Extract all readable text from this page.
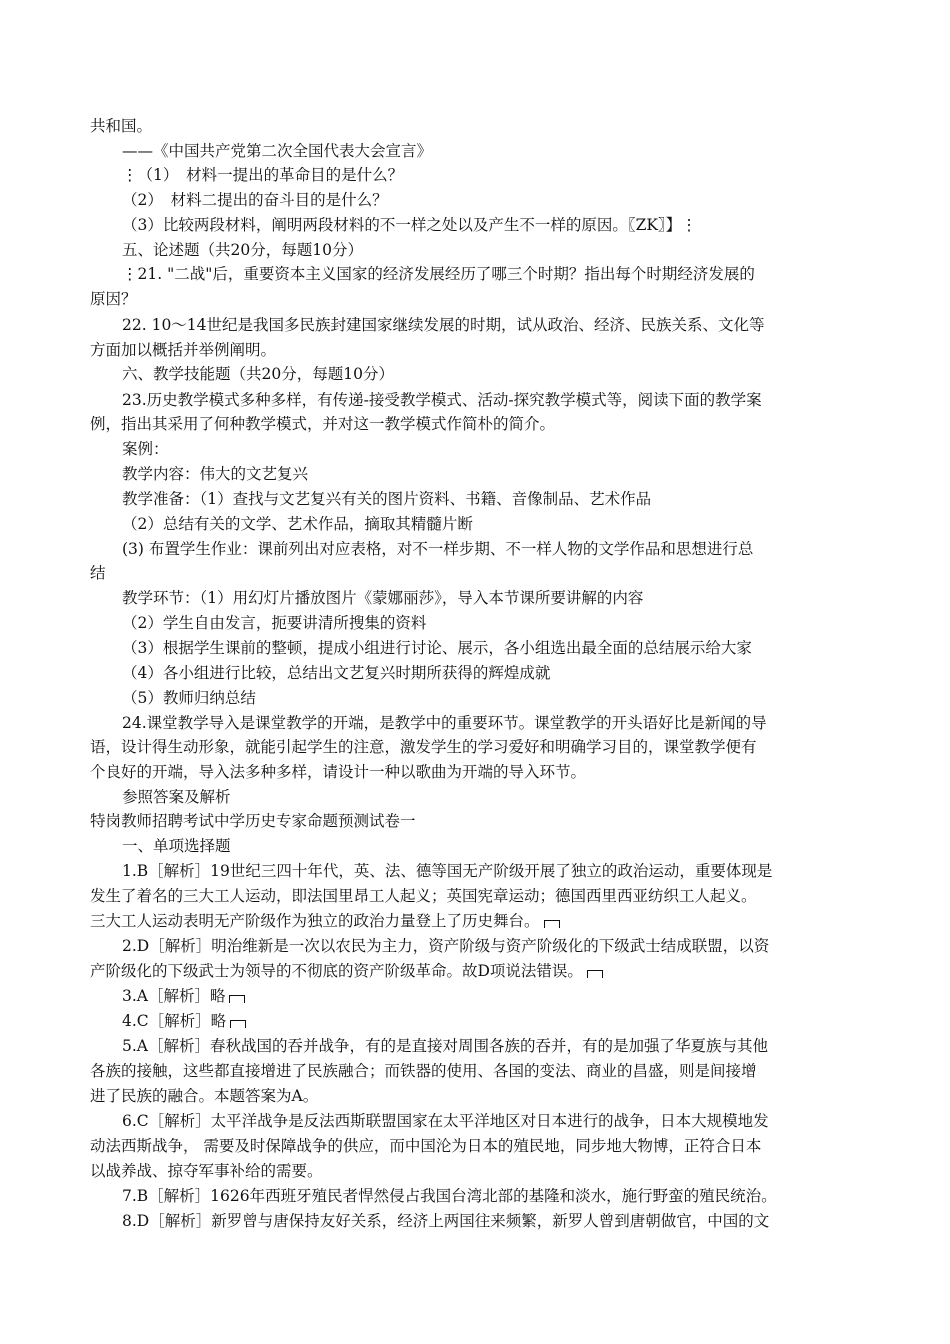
共和国。
——《中国共产党第二次全国代表大会宣言》
⋮（1）　材料一提出的革命目的是什么？
（2）　材料二提出的奋斗目的是什么？
（3）比较两段材料，阐明两段材料的不一样之处以及产生不一样的原因。〖ZK〗】⋮
五、论述题（共20分，每题10分）
⋮21. "二战"后，重要资本主义国家的经济发展经历了哪三个时期？指出每个时期经济发展的
原因？
22. 10～14世纪是我国多民族封建国家继续发展的时期，试从政治、经济、民族关系、文化等
方面加以概括并举例阐明。
六、教学技能题（共20分，每题10分）
23.历史教学模式多种多样，有传递-接受教学模式、活动-探究教学模式等，阅读下面的教学案
例，指出其采用了何种教学模式，并对这一教学模式作简朴的简介。
案例：
教学内容：伟大的文艺复兴
教学准备：（1）查找与文艺复兴有关的图片资料、书籍、音像制品、艺术作品
（2）总结有关的文学、艺术作品，摘取其精髓片断
(3) 布置学生作业：课前列出对应表格，对不一样步期、不一样人物的文学作品和思想进行总
结
教学环节：（1）用幻灯片播放图片《蒙娜丽莎》，导入本节课所要讲解的内容
（2）学生自由发言，扼要讲清所搜集的资料
（3）根据学生课前的整顿，提成小组进行讨论、展示，各小组选出最全面的总结展示给大家
（4）各小组进行比较，总结出文艺复兴时期所获得的辉煌成就
（5）教师归纳总结
24.课堂教学导入是课堂教学的开端，是教学中的重要环节。课堂教学的开头语好比是新闻的导
语，设计得生动形象，就能引起学生的注意，激发学生的学习爱好和明确学习目的，课堂教学便有
个良好的开端，导入法多种多样，请设计一种以歌曲为开端的导入环节。
参照答案及解析
特岗教师招聘考试中学历史专家命题预测试卷一
一、单项选择题
1.B［解析］19世纪三四十年代，英、法、德等国无产阶级开展了独立的政治运动，重要体现是
发生了着名的三大工人运动，即法国里昂工人起义；英国宪章运动；德国西里西亚纺织工人起义。
三大工人运动表明无产阶级作为独立的政治力量登上了历史舞台。
2.D［解析］明治维新是一次以农民为主力，资产阶级与资产阶级化的下级武士结成联盟，以资
产阶级化的下级武士为领导的不彻底的资产阶级革命。故D项说法错误。
3.A［解析］略
4.C［解析］略
5.A［解析］春秋战国的吞并战争，有的是直接对周围各族的吞并，有的是加强了华夏族与其他
各族的接触，这些都直接增进了民族融合；而铁器的使用、各国的变法、商业的昌盛，则是间接增
进了民族的融合。本题答案为A。
6.C［解析］太平洋战争是反法西斯联盟国家在太平洋地区对日本进行的战争，日本大规模地发
动法西斯战争， 需要及时保障战争的供应，而中国沦为日本的殖民地，同步地大物博，正符合日本
以战养战、掠夺军事补给的需要。
7.B［解析］1626年西班牙殖民者悍然侵占我国台湾北部的基隆和淡水，施行野蛮的殖民统治。
8.D［解析］新罗曾与唐保持友好关系，经济上两国往来频繁，新罗人曾到唐朝做官，中国的文
